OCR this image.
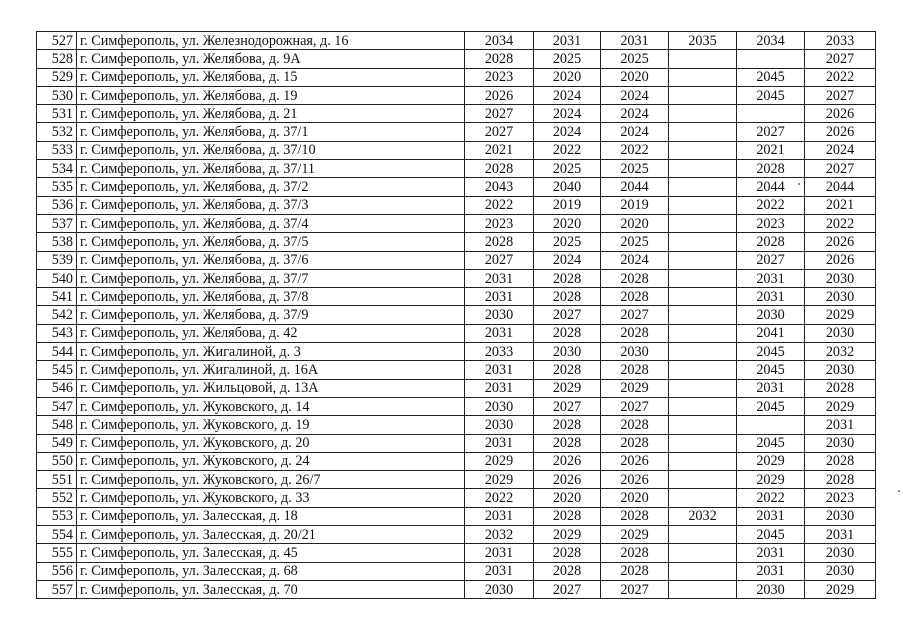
527	г. Симферополь, ул. Железнодорожная, д. 16	2034	2031	2031	2035	2034	2033
528	г. Симферополь, ул. Желябова, д. 9А	2028	2025	2025			2027
529	г. Симферополь, ул. Желябова, д. 15	2023	2020	2020		2045	2022
530	г. Симферополь, ул. Желябова, д. 19	2026	2024	2024		2045	2027
531	г. Симферополь, ул. Желябова, д. 21	2027	2024	2024			2026
532	г. Симферополь, ул. Желябова, д. 37/1	2027	2024	2024		2027	2026
533	г. Симферополь, ул. Желябова, д. 37/10	2021	2022	2022		2021	2024
534	г. Симферополь, ул. Желябова, д. 37/11	2028	2025	2025		2028	2027
535	г. Симферополь, ул. Желябова, д. 37/2	2043	2040	2044		2044	2044
536	г. Симферополь, ул. Желябова, д. 37/3	2022	2019	2019		2022	2021
537	г. Симферополь, ул. Желябова, д. 37/4	2023	2020	2020		2023	2022
538	г. Симферополь, ул. Желябова, д. 37/5	2028	2025	2025		2028	2026
539	г. Симферополь, ул. Желябова, д. 37/6	2027	2024	2024		2027	2026
540	г. Симферополь, ул. Желябова, д. 37/7	2031	2028	2028		2031	2030
541	г. Симферополь, ул. Желябова, д. 37/8	2031	2028	2028		2031	2030
542	г. Симферополь, ул. Желябова, д. 37/9	2030	2027	2027		2030	2029
543	г. Симферополь, ул. Желябова, д. 42	2031	2028	2028		2041	2030
544	г. Симферополь, ул. Жигалиной, д. 3	2033	2030	2030		2045	2032
545	г. Симферополь, ул. Жигалиной, д. 16А	2031	2028	2028		2045	2030
546	г. Симферополь, ул. Жильцовой, д. 13А	2031	2029	2029		2031	2028
547	г. Симферополь, ул. Жуковского, д. 14	2030	2027	2027		2045	2029
548	г. Симферополь, ул. Жуковского, д. 19	2030	2028	2028			2031
549	г. Симферополь, ул. Жуковского, д. 20	2031	2028	2028		2045	2030
550	г. Симферополь, ул. Жуковского, д. 24	2029	2026	2026		2029	2028
551	г. Симферополь, ул. Жуковского, д. 26/7	2029	2026	2026		2029	2028
552	г. Симферополь, ул. Жуковского, д. 33	2022	2020	2020		2022	2023
553	г. Симферополь, ул. Залесская, д. 18	2031	2028	2028	2032	2031	2030
554	г. Симферополь, ул. Залесская, д. 20/21	2032	2029	2029		2045	2031
555	г. Симферополь, ул. Залесская, д. 45	2031	2028	2028		2031	2030
556	г. Симферополь, ул. Залесская, д. 68	2031	2028	2028		2031	2030
557	г. Симферополь, ул. Залесская, д. 70	2030	2027	2027		2030	2029
